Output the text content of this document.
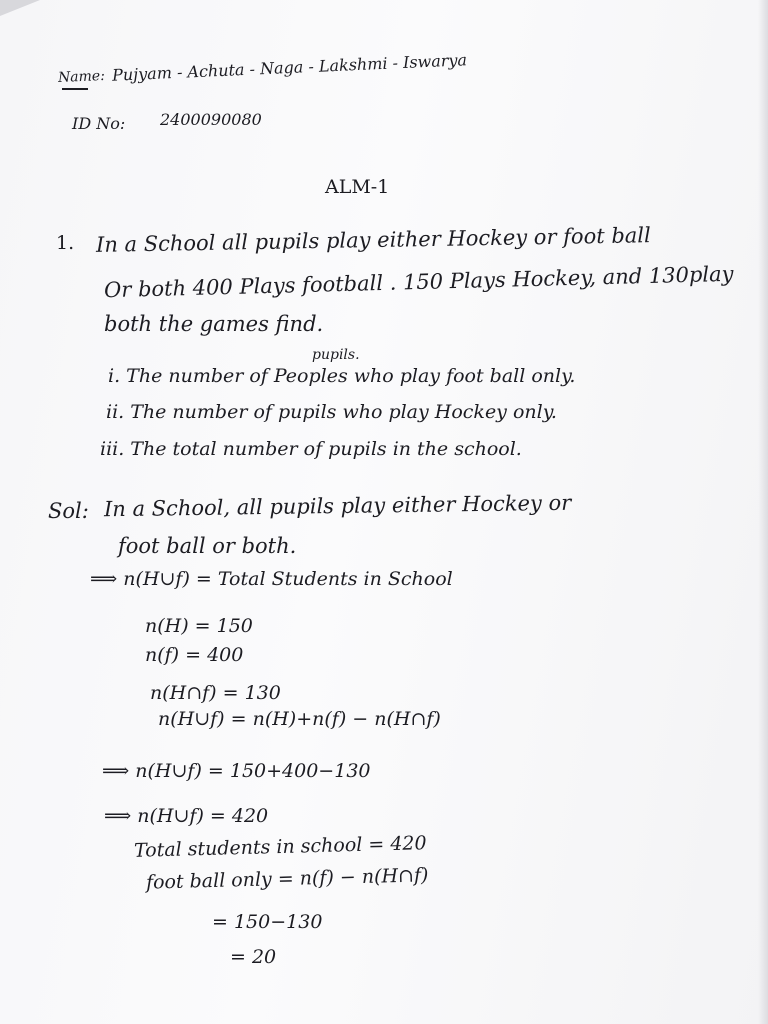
Name: Pujyam - Achuta - Naga - Lakshmi - Iswarya
ID No: 2400090080
ALM-1
1. In a School all pupils play either Hockey or foot ball
Or both 400 Plays football . 150 Plays Hockey, and 130play
both the games find.
pupils.
i. The number of Peoples who play foot ball only.
ii. The number of pupils who play Hockey only.
iii. The total number of pupils in the school.
Sol: In a School, all pupils play either Hockey or
foot ball or both.
⟹ n(H∪f) = Total Students in School
n(H) = 150
n(f) = 400
n(H∩f) = 130
n(H∪f) = n(H)+n(f) − n(H∩f)
⟹ n(H∪f) = 150+400−130
⟹ n(H∪f) = 420
Total students in school = 420
foot ball only = n(f) − n(H∩f)
= 150−130
= 20
